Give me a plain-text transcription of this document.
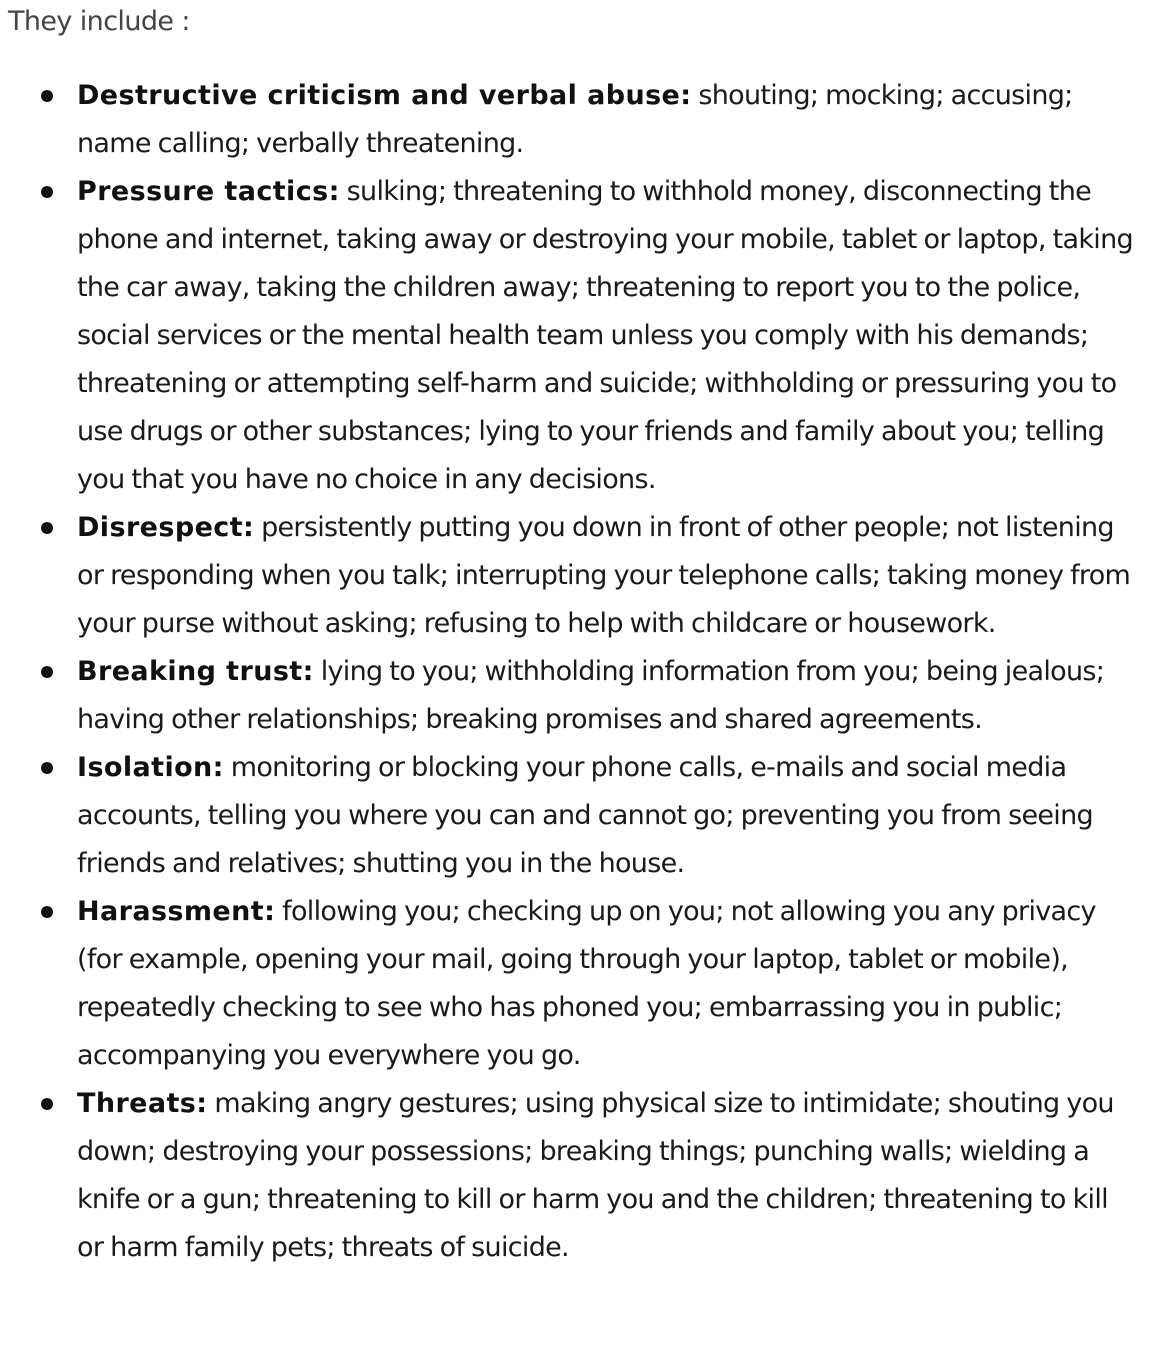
They include :

Destructive criticism and verbal abuse: shouting; mocking; accusing; name calling; verbally threatening.
Pressure tactics: sulking; threatening to withhold money, disconnecting the phone and internet, taking away or destroying your mobile, tablet or laptop, taking the car away, taking the children away; threatening to report you to the police, social services or the mental health team unless you comply with his demands; threatening or attempting self-harm and suicide; withholding or pressuring you to use drugs or other substances; lying to your friends and family about you; telling you that you have no choice in any decisions.
Disrespect: persistently putting you down in front of other people; not listening or responding when you talk; interrupting your telephone calls; taking money from your purse without asking; refusing to help with childcare or housework.
Breaking trust: lying to you; withholding information from you; being jealous; having other relationships; breaking promises and shared agreements.
Isolation: monitoring or blocking your phone calls, e-mails and social media accounts, telling you where you can and cannot go; preventing you from seeing friends and relatives; shutting you in the house.
Harassment: following you; checking up on you; not allowing you any privacy (for example, opening your mail, going through your laptop, tablet or mobile), repeatedly checking to see who has phoned you; embarrassing you in public; accompanying you everywhere you go.
Threats: making angry gestures; using physical size to intimidate; shouting you down; destroying your possessions; breaking things; punching walls; wielding a knife or a gun; threatening to kill or harm you and the children; threatening to kill or harm family pets; threats of suicide.
